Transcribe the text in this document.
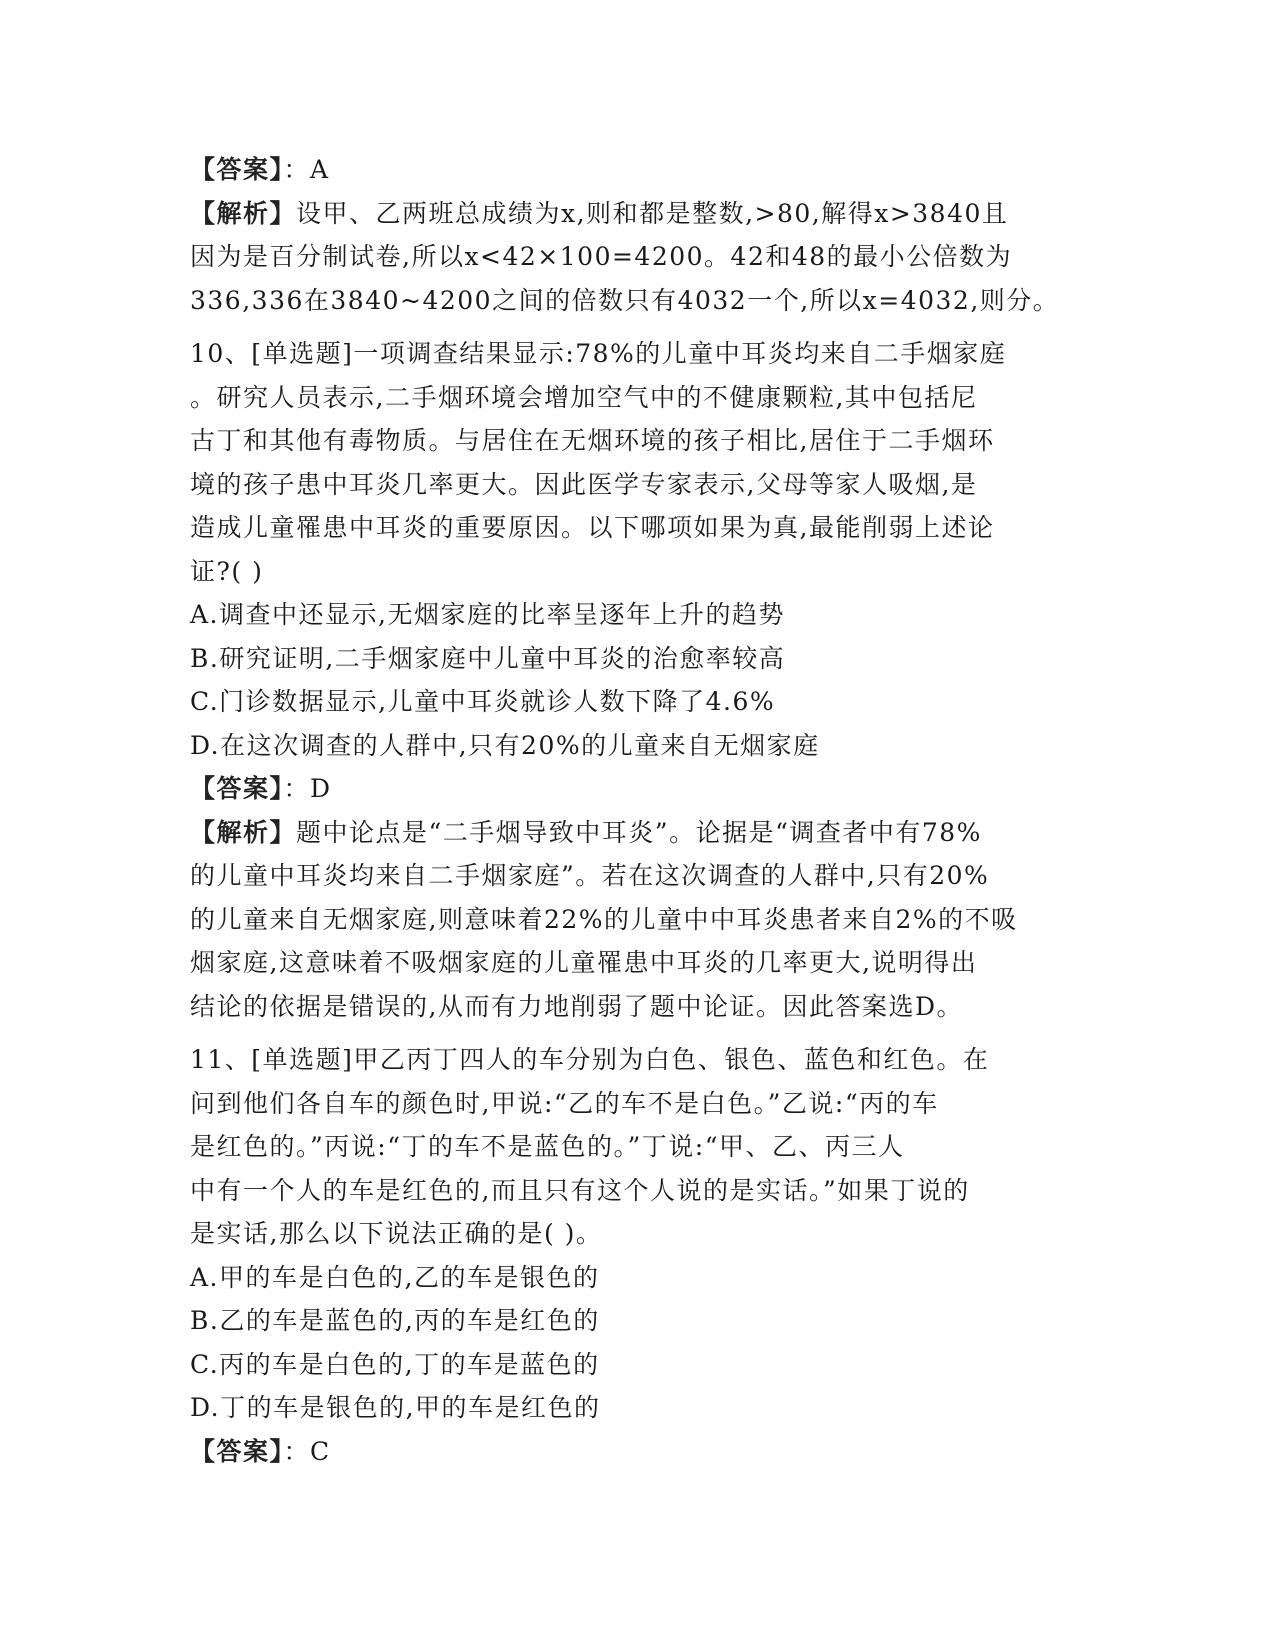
【答案】：A
【解析】设甲、乙两班总成绩为x,则和都是整数,>80,解得x>3840且
因为是百分制试卷,所以x<42×100=4200。42和48的最小公倍数为
336,336在3840~4200之间的倍数只有4032一个,所以x=4032,则分。
10、[单选题]一项调查结果显示:78%的儿童中耳炎均来自二手烟家庭
。研究人员表示,二手烟环境会增加空气中的不健康颗粒,其中包括尼
古丁和其他有毒物质。与居住在无烟环境的孩子相比,居住于二手烟环
境的孩子患中耳炎几率更大。因此医学专家表示,父母等家人吸烟,是
造成儿童罹患中耳炎的重要原因。以下哪项如果为真,最能削弱上述论
证?( )
A.调查中还显示,无烟家庭的比率呈逐年上升的趋势
B.研究证明,二手烟家庭中儿童中耳炎的治愈率较高
C.门诊数据显示,儿童中耳炎就诊人数下降了4.6%
D.在这次调查的人群中,只有20%的儿童来自无烟家庭
【答案】：D
【解析】题中论点是“二手烟导致中耳炎”。论据是“调查者中有78%
的儿童中耳炎均来自二手烟家庭”。若在这次调查的人群中,只有20%
的儿童来自无烟家庭,则意味着22%的儿童中中耳炎患者来自2%的不吸
烟家庭,这意味着不吸烟家庭的儿童罹患中耳炎的几率更大,说明得出
结论的依据是错误的,从而有力地削弱了题中论证。因此答案选D。
11、[单选题]甲乙丙丁四人的车分别为白色、银色、蓝色和红色。在
问到他们各自车的颜色时,甲说:“乙的车不是白色。”乙说:“丙的车
是红色的。”丙说:“丁的车不是蓝色的。”丁说:“甲、乙、丙三人
中有一个人的车是红色的,而且只有这个人说的是实话。”如果丁说的
是实话,那么以下说法正确的是( )。
A.甲的车是白色的,乙的车是银色的
B.乙的车是蓝色的,丙的车是红色的
C.丙的车是白色的,丁的车是蓝色的
D.丁的车是银色的,甲的车是红色的
【答案】：C
